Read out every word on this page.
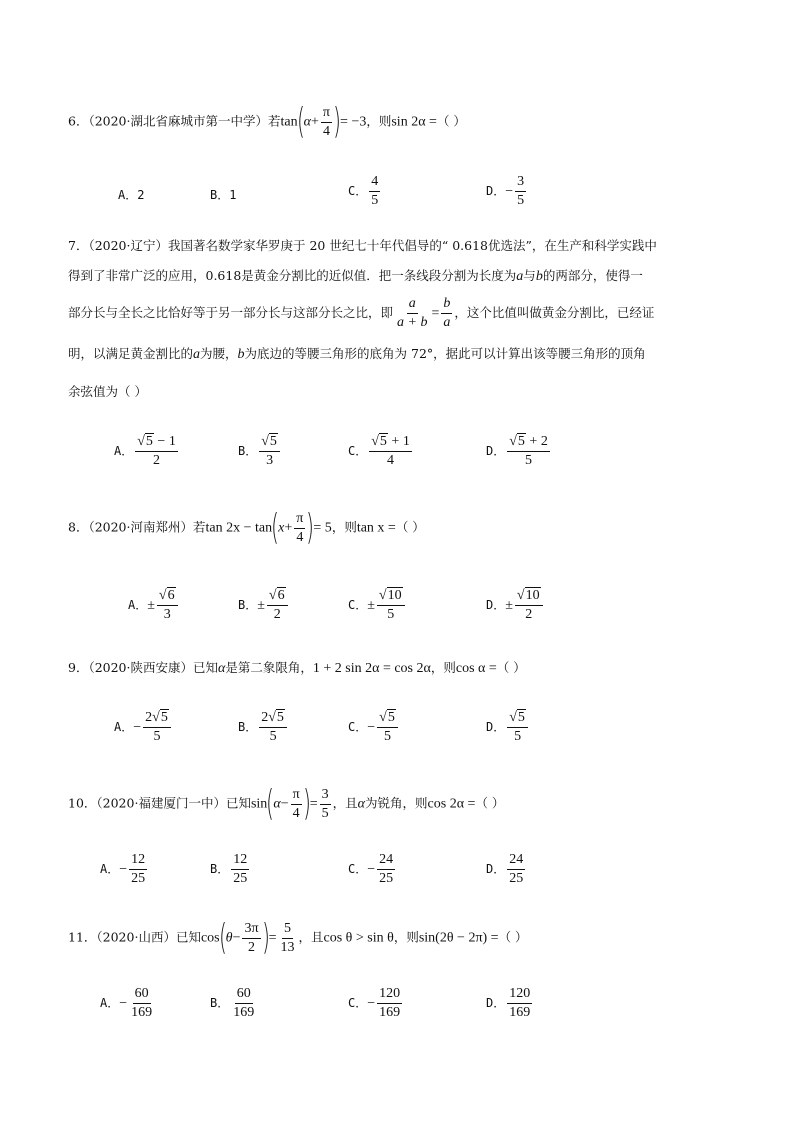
6．（2020·湖北省麻城市第一中学）若$\tan(\alpha+ \frac{\pi}{4}$ )= −3，则sin 2α =（ ）
A．2	B．1	C． $\frac{4}{5}$	D．− $\frac{3}{5}$
7．（2020·辽宁）我国著名数学家华罗庚于 20 世纪七十年代倡导的“ 0.618优选法”，在生产和科学实践中
得到了非常广泛的应用，0.618是黄金分割比的近似值．把一条线段分割为长度为a与b的两部分，使得一
部分长与全长之比恰好等于另一部分长与这部分长之比，即 $\frac{a}{a + b} = \frac{b}{a}$ ，这个比值叫做黄金分割比，已经证
明，以满足黄金割比的a为腰，b为底边的等腰三角形的底角为 72°，据此可以计算出该等腰三角形的顶角
余弦值为（ ）
A． $\frac{√5 - 1}{2}$	B． $\frac{√5}{3}$	C． $\frac{√5 + 1}{4}$	D． $\frac{√5 + 2}{5}$
8．（2020·河南郑州）若$\tan 2x - \tan(x+ \frac{\pi}{4}$ )= 5，则tan x =（ ）
A．± $\frac{√6}{3}$	B．± $\frac{√6}{2}$	C．± $\frac{√10}{5}$	D．± $\frac{√10}{2}$
9．（2020·陕西安康）已知α是第二象限角，1 + 2 sin 2α = cos 2α，则cos α =（ ）
A．− $\frac{2√5}{5}$	B． $\frac{2√5}{5}$	C．− $\frac{√5}{5}$	D． $\frac{√5}{5}$
10．（2020·福建厦门一中）已知$\sin(\alpha- \frac{\pi}{4}$ )= $\frac{3}{5}$ ，且α为锐角，则cos 2α =（ ）
A．− $\frac{12}{25}$	B． $\frac{12}{25}$	C．− $\frac{24}{25}$	D． $\frac{24}{25}$
11．（2020·山西）已知$\cos(\theta- \frac{3\pi}{2}$ )= $\frac{5}{13}$ ，且cos θ > sin θ，则sin(2θ − 2π) =（ ）
A．− $\frac{60}{169}$	B． $\frac{60}{169}$	C．− $\frac{120}{169}$	D． $\frac{120}{169}$
